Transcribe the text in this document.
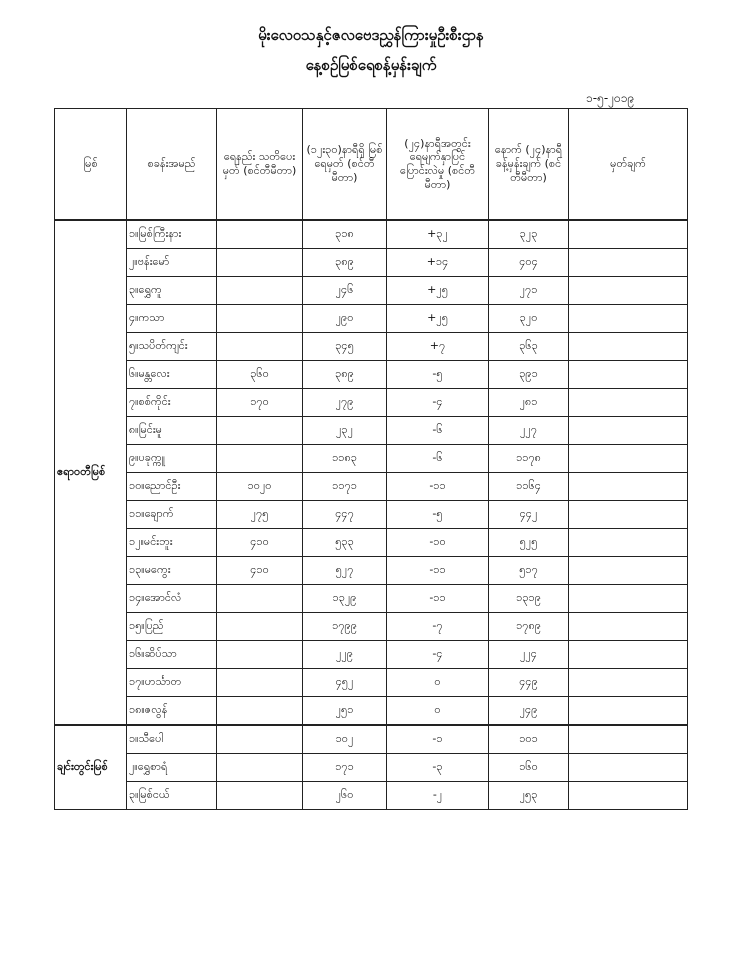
မိုးလေဝသနှင့်ဇလဗေဒညွှန်ကြားမှုဦးစီးဌာန
နေ့စဉ်မြစ်ရေစန့်မှန်းချက်
၁-၅-၂၀၁၉
မြစ်	စခန်းအမည်	ရေနည်း သတိပေးမှတ် (စင်တီမီတာ)	(၁၂း၃၀)နာရီရှိ မြစ်ရေမှတ် (စင်တီမီတာ)	(၂၄)နာရီအတွင်း ရေမျက်နှာပြင် ပြောင်းလဲမှု (စင်တီမီတာ)	နောက် (၂၄)နာရီ ခန့်မှန်းချက် (စင်တီမီတာ)	မှတ်ချက်
ဧရာဝတီမြစ်	၁။မြစ်ကြီးနား		၃၁၈	+၃၂	၃၂၃	
	၂။ဗန်းမော်		၃၈၉	+၁၄	၄၀၄	
	၃။ရွှေကူ		၂၄၆	+၂၅	၂၇၁	
	၄။ကသာ		၂၉၀	+၂၅	၃၂၀	
	၅။သပိတ်ကျင်း		၃၄၅	+၇	၃၆၃	
	၆။မန္တလေး	၃၆၀	၃၈၉	-၅	၃၉၁	
	၇။စစ်ကိုင်း	၁၇၀	၂၇၉	-၄	၂၈၁	
	၈။မြင်းမူ		၂၃၂	-၆	၂၂၇	
	၉။ပခုက္ကူ		၁၁၈၃	-၆	၁၁၇၈	
	၁၀။ညောင်ဦး	၁၀၂၀	၁၁၇၁	-၁၁	၁၁၆၄	
	၁၁။ချောက်	၂၇၅	၄၄၇	-၅	၄၄၂	
	၁၂။မင်းဘူး	၄၁၀	၅၃၃	-၁၀	၅၂၅	
	၁၃။မကွေး	၄၁၀	၅၂၇	-၁၁	၅၁၇	
	၁၄။အောင်လံ		၁၃၂၉	-၁၁	၁၃၁၉	
	၁၅။ပြည်		၁၇၉၉	-၇	၁၇၈၉	
	၁၆။ဆိပ်သာ		၂၂၉	-၄	၂၂၄	
	၁၇။ဟင်္သာတ		၄၅၂	၀	၄၄၉	
	၁၈။ဇလွန်		၂၅၁	၀	၂၄၉	
ချင်းတွင်းမြစ်	၁။သီပေါ		၁၀၂	-၁	၁၀၁	
	၂။ရွှေစာရံ		၁၇၁	-၃	၁၆၀	
	၃။မြစ်ငယ်		၂၆၀	-၂	၂၅၃	
